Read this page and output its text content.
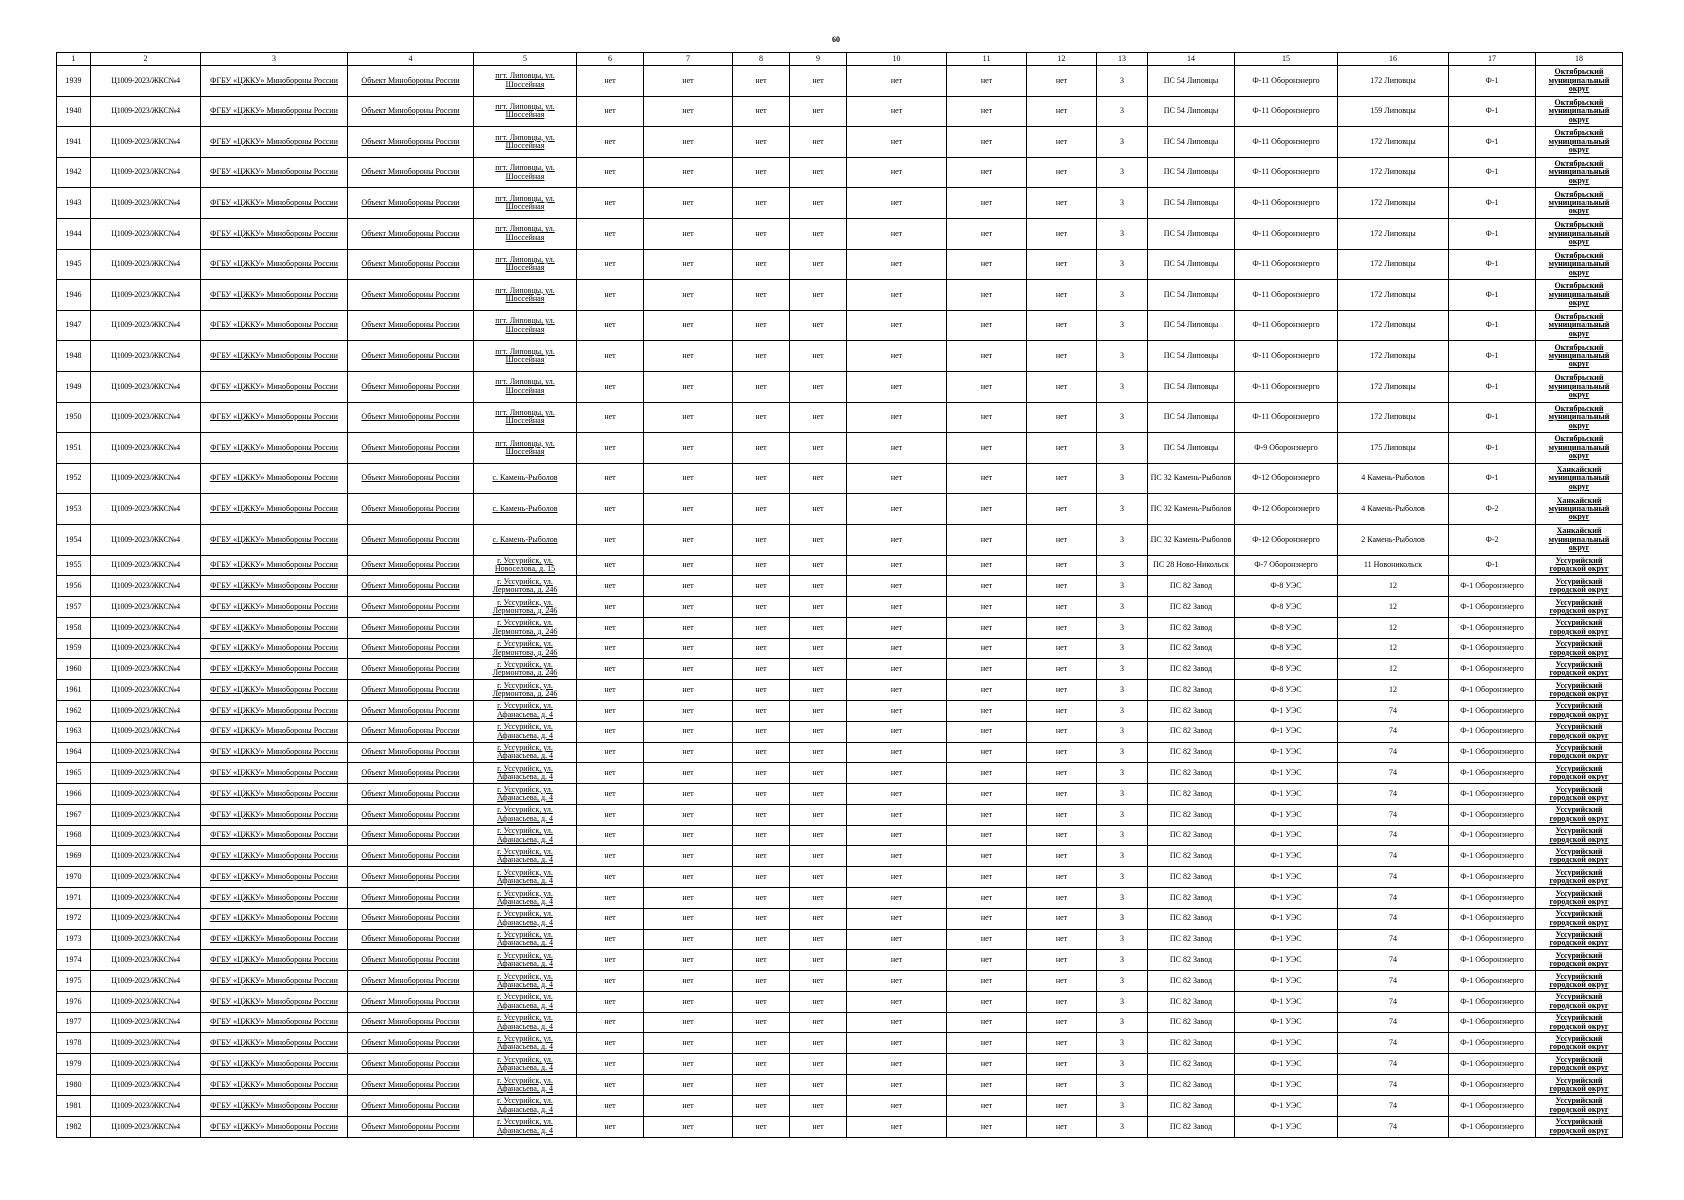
60
1	2	3	4	5	6	7	8	9	10	11	12	13	14	15	16	17	18
1939	Ц1009-2023/ЖКС№4	ФГБУ «ЦЖКУ» Минобороны России	Объект Минобороны России	пгт. Липовцы, ул. Шоссейная	нет	нет	нет	нет	нет	нет	нет	3	ПС 54 Липовцы	Ф-11 Оборонэнерго	172 Липовцы	Ф-1	Октябрьский муниципальный округ
1940	Ц1009-2023/ЖКС№4	ФГБУ «ЦЖКУ» Минобороны России	Объект Минобороны России	пгт. Липовцы, ул. Шоссейная	нет	нет	нет	нет	нет	нет	нет	3	ПС 54 Липовцы	Ф-11 Оборонэнерго	159 Липовцы	Ф-1	Октябрьский муниципальный округ
1941	Ц1009-2023/ЖКС№4	ФГБУ «ЦЖКУ» Минобороны России	Объект Минобороны России	пгт. Липовцы, ул. Шоссейная	нет	нет	нет	нет	нет	нет	нет	3	ПС 54 Липовцы	Ф-11 Оборонэнерго	172 Липовцы	Ф-1	Октябрьский муниципальный округ
1942	Ц1009-2023/ЖКС№4	ФГБУ «ЦЖКУ» Минобороны России	Объект Минобороны России	пгт. Липовцы, ул. Шоссейная	нет	нет	нет	нет	нет	нет	нет	3	ПС 54 Липовцы	Ф-11 Оборонэнерго	172 Липовцы	Ф-1	Октябрьский муниципальный округ
1943	Ц1009-2023/ЖКС№4	ФГБУ «ЦЖКУ» Минобороны России	Объект Минобороны России	пгт. Липовцы, ул. Шоссейная	нет	нет	нет	нет	нет	нет	нет	3	ПС 54 Липовцы	Ф-11 Оборонэнерго	172 Липовцы	Ф-1	Октябрьский муниципальный округ
1944	Ц1009-2023/ЖКС№4	ФГБУ «ЦЖКУ» Минобороны России	Объект Минобороны России	пгт. Липовцы, ул. Шоссейная	нет	нет	нет	нет	нет	нет	нет	3	ПС 54 Липовцы	Ф-11 Оборонэнерго	172 Липовцы	Ф-1	Октябрьский муниципальный округ
1945	Ц1009-2023/ЖКС№4	ФГБУ «ЦЖКУ» Минобороны России	Объект Минобороны России	пгт. Липовцы, ул. Шоссейная	нет	нет	нет	нет	нет	нет	нет	3	ПС 54 Липовцы	Ф-11 Оборонэнерго	172 Липовцы	Ф-1	Октябрьский муниципальный округ
1946	Ц1009-2023/ЖКС№4	ФГБУ «ЦЖКУ» Минобороны России	Объект Минобороны России	пгт. Липовцы, ул. Шоссейная	нет	нет	нет	нет	нет	нет	нет	3	ПС 54 Липовцы	Ф-11 Оборонэнерго	172 Липовцы	Ф-1	Октябрьский муниципальный округ
1947	Ц1009-2023/ЖКС№4	ФГБУ «ЦЖКУ» Минобороны России	Объект Минобороны России	пгт. Липовцы, ул. Шоссейная	нет	нет	нет	нет	нет	нет	нет	3	ПС 54 Липовцы	Ф-11 Оборонэнерго	172 Липовцы	Ф-1	Октябрьский муниципальный округ
1948	Ц1009-2023/ЖКС№4	ФГБУ «ЦЖКУ» Минобороны России	Объект Минобороны России	пгт. Липовцы, ул. Шоссейная	нет	нет	нет	нет	нет	нет	нет	3	ПС 54 Липовцы	Ф-11 Оборонэнерго	172 Липовцы	Ф-1	Октябрьский муниципальный округ
1949	Ц1009-2023/ЖКС№4	ФГБУ «ЦЖКУ» Минобороны России	Объект Минобороны России	пгт. Липовцы, ул. Шоссейная	нет	нет	нет	нет	нет	нет	нет	3	ПС 54 Липовцы	Ф-11 Оборонэнерго	172 Липовцы	Ф-1	Октябрьский муниципальный округ
1950	Ц1009-2023/ЖКС№4	ФГБУ «ЦЖКУ» Минобороны России	Объект Минобороны России	пгт. Липовцы, ул. Шоссейная	нет	нет	нет	нет	нет	нет	нет	3	ПС 54 Липовцы	Ф-11 Оборонэнерго	172 Липовцы	Ф-1	Октябрьский муниципальный округ
1951	Ц1009-2023/ЖКС№4	ФГБУ «ЦЖКУ» Минобороны России	Объект Минобороны России	пгт. Липовцы, ул. Шоссейная	нет	нет	нет	нет	нет	нет	нет	3	ПС 54 Липовцы	Ф-9 Оборонэнерго	175 Липовцы	Ф-1	Октябрьский муниципальный округ
1952	Ц1009-2023/ЖКС№4	ФГБУ «ЦЖКУ» Минобороны России	Объект Минобороны России	с. Камень-Рыболов	нет	нет	нет	нет	нет	нет	нет	3	ПС 32 Камень-Рыболов	Ф-12 Оборонэнерго	4 Камень-Рыболов	Ф-1	Ханкайский муниципальный округ
1953	Ц1009-2023/ЖКС№4	ФГБУ «ЦЖКУ» Минобороны России	Объект Минобороны России	с. Камень-Рыболов	нет	нет	нет	нет	нет	нет	нет	3	ПС 32 Камень-Рыболов	Ф-12 Оборонэнерго	4 Камень-Рыболов	Ф-2	Ханкайский муниципальный округ
1954	Ц1009-2023/ЖКС№4	ФГБУ «ЦЖКУ» Минобороны России	Объект Минобороны России	с. Камень-Рыболов	нет	нет	нет	нет	нет	нет	нет	3	ПС 32 Камень-Рыболов	Ф-12 Оборонэнерго	2 Камень-Рыболов	Ф-2	Ханкайский муниципальный округ
1955	Ц1009-2023/ЖКС№4	ФГБУ «ЦЖКУ» Минобороны России	Объект Минобороны России	г. Уссурийск, ул. Новоселова, д. 15	нет	нет	нет	нет	нет	нет	нет	3	ПС 28 Ново-Никольск	Ф-7 Оборонэнерго	11 Новоникольск	Ф-1	Уссурийский городской округ
1956	Ц1009-2023/ЖКС№4	ФГБУ «ЦЖКУ» Минобороны России	Объект Минобороны России	г. Уссурийск, ул. Лермонтова, д. 246	нет	нет	нет	нет	нет	нет	нет	3	ПС 82 Завод	Ф-8 УЭС	12	Ф-1 Оборонэнерго	Уссурийский городской округ
1957	Ц1009-2023/ЖКС№4	ФГБУ «ЦЖКУ» Минобороны России	Объект Минобороны России	г. Уссурийск, ул. Лермонтова, д. 246	нет	нет	нет	нет	нет	нет	нет	3	ПС 82 Завод	Ф-8 УЭС	12	Ф-1 Оборонэнерго	Уссурийский городской округ
1958	Ц1009-2023/ЖКС№4	ФГБУ «ЦЖКУ» Минобороны России	Объект Минобороны России	г. Уссурийск, ул. Лермонтова, д. 246	нет	нет	нет	нет	нет	нет	нет	3	ПС 82 Завод	Ф-8 УЭС	12	Ф-1 Оборонэнерго	Уссурийский городской округ
1959	Ц1009-2023/ЖКС№4	ФГБУ «ЦЖКУ» Минобороны России	Объект Минобороны России	г. Уссурийск, ул. Лермонтова, д. 246	нет	нет	нет	нет	нет	нет	нет	3	ПС 82 Завод	Ф-8 УЭС	12	Ф-1 Оборонэнерго	Уссурийский городской округ
1960	Ц1009-2023/ЖКС№4	ФГБУ «ЦЖКУ» Минобороны России	Объект Минобороны России	г. Уссурийск, ул. Лермонтова, д. 246	нет	нет	нет	нет	нет	нет	нет	3	ПС 82 Завод	Ф-8 УЭС	12	Ф-1 Оборонэнерго	Уссурийский городской округ
1961	Ц1009-2023/ЖКС№4	ФГБУ «ЦЖКУ» Минобороны России	Объект Минобороны России	г. Уссурийск, ул. Лермонтова, д. 246	нет	нет	нет	нет	нет	нет	нет	3	ПС 82 Завод	Ф-8 УЭС	12	Ф-1 Оборонэнерго	Уссурийский городской округ
1962	Ц1009-2023/ЖКС№4	ФГБУ «ЦЖКУ» Минобороны России	Объект Минобороны России	г. Уссурийск, ул. Афанасьева, д. 4	нет	нет	нет	нет	нет	нет	нет	3	ПС 82 Завод	Ф-1 УЭС	74	Ф-1 Оборонэнерго	Уссурийский городской округ
1963	Ц1009-2023/ЖКС№4	ФГБУ «ЦЖКУ» Минобороны России	Объект Минобороны России	г. Уссурийск, ул. Афанасьева, д. 4	нет	нет	нет	нет	нет	нет	нет	3	ПС 82 Завод	Ф-1 УЭС	74	Ф-1 Оборонэнерго	Уссурийский городской округ
1964	Ц1009-2023/ЖКС№4	ФГБУ «ЦЖКУ» Минобороны России	Объект Минобороны России	г. Уссурийск, ул. Афанасьева, д. 4	нет	нет	нет	нет	нет	нет	нет	3	ПС 82 Завод	Ф-1 УЭС	74	Ф-1 Оборонэнерго	Уссурийский городской округ
1965	Ц1009-2023/ЖКС№4	ФГБУ «ЦЖКУ» Минобороны России	Объект Минобороны России	г. Уссурийск, ул. Афанасьева, д. 4	нет	нет	нет	нет	нет	нет	нет	3	ПС 82 Завод	Ф-1 УЭС	74	Ф-1 Оборонэнерго	Уссурийский городской округ
1966	Ц1009-2023/ЖКС№4	ФГБУ «ЦЖКУ» Минобороны России	Объект Минобороны России	г. Уссурийск, ул. Афанасьева, д. 4	нет	нет	нет	нет	нет	нет	нет	3	ПС 82 Завод	Ф-1 УЭС	74	Ф-1 Оборонэнерго	Уссурийский городской округ
1967	Ц1009-2023/ЖКС№4	ФГБУ «ЦЖКУ» Минобороны России	Объект Минобороны России	г. Уссурийск, ул. Афанасьева, д. 4	нет	нет	нет	нет	нет	нет	нет	3	ПС 82 Завод	Ф-1 УЭС	74	Ф-1 Оборонэнерго	Уссурийский городской округ
1968	Ц1009-2023/ЖКС№4	ФГБУ «ЦЖКУ» Минобороны России	Объект Минобороны России	г. Уссурийск, ул. Афанасьева, д. 4	нет	нет	нет	нет	нет	нет	нет	3	ПС 82 Завод	Ф-1 УЭС	74	Ф-1 Оборонэнерго	Уссурийский городской округ
1969	Ц1009-2023/ЖКС№4	ФГБУ «ЦЖКУ» Минобороны России	Объект Минобороны России	г. Уссурийск, ул. Афанасьева, д. 4	нет	нет	нет	нет	нет	нет	нет	3	ПС 82 Завод	Ф-1 УЭС	74	Ф-1 Оборонэнерго	Уссурийский городской округ
1970	Ц1009-2023/ЖКС№4	ФГБУ «ЦЖКУ» Минобороны России	Объект Минобороны России	г. Уссурийск, ул. Афанасьева, д. 4	нет	нет	нет	нет	нет	нет	нет	3	ПС 82 Завод	Ф-1 УЭС	74	Ф-1 Оборонэнерго	Уссурийский городской округ
1971	Ц1009-2023/ЖКС№4	ФГБУ «ЦЖКУ» Минобороны России	Объект Минобороны России	г. Уссурийск, ул. Афанасьева, д. 4	нет	нет	нет	нет	нет	нет	нет	3	ПС 82 Завод	Ф-1 УЭС	74	Ф-1 Оборонэнерго	Уссурийский городской округ
1972	Ц1009-2023/ЖКС№4	ФГБУ «ЦЖКУ» Минобороны России	Объект Минобороны России	г. Уссурийск, ул. Афанасьева, д. 4	нет	нет	нет	нет	нет	нет	нет	3	ПС 82 Завод	Ф-1 УЭС	74	Ф-1 Оборонэнерго	Уссурийский городской округ
1973	Ц1009-2023/ЖКС№4	ФГБУ «ЦЖКУ» Минобороны России	Объект Минобороны России	г. Уссурийск, ул. Афанасьева, д. 4	нет	нет	нет	нет	нет	нет	нет	3	ПС 82 Завод	Ф-1 УЭС	74	Ф-1 Оборонэнерго	Уссурийский городской округ
1974	Ц1009-2023/ЖКС№4	ФГБУ «ЦЖКУ» Минобороны России	Объект Минобороны России	г. Уссурийск, ул. Афанасьева, д. 4	нет	нет	нет	нет	нет	нет	нет	3	ПС 82 Завод	Ф-1 УЭС	74	Ф-1 Оборонэнерго	Уссурийский городской округ
1975	Ц1009-2023/ЖКС№4	ФГБУ «ЦЖКУ» Минобороны России	Объект Минобороны России	г. Уссурийск, ул. Афанасьева, д. 4	нет	нет	нет	нет	нет	нет	нет	3	ПС 82 Завод	Ф-1 УЭС	74	Ф-1 Оборонэнерго	Уссурийский городской округ
1976	Ц1009-2023/ЖКС№4	ФГБУ «ЦЖКУ» Минобороны России	Объект Минобороны России	г. Уссурийск, ул. Афанасьева, д. 4	нет	нет	нет	нет	нет	нет	нет	3	ПС 82 Завод	Ф-1 УЭС	74	Ф-1 Оборонэнерго	Уссурийский городской округ
1977	Ц1009-2023/ЖКС№4	ФГБУ «ЦЖКУ» Минобороны России	Объект Минобороны России	г. Уссурийск, ул. Афанасьева, д. 4	нет	нет	нет	нет	нет	нет	нет	3	ПС 82 Завод	Ф-1 УЭС	74	Ф-1 Оборонэнерго	Уссурийский городской округ
1978	Ц1009-2023/ЖКС№4	ФГБУ «ЦЖКУ» Минобороны России	Объект Минобороны России	г. Уссурийск, ул. Афанасьева, д. 4	нет	нет	нет	нет	нет	нет	нет	3	ПС 82 Завод	Ф-1 УЭС	74	Ф-1 Оборонэнерго	Уссурийский городской округ
1979	Ц1009-2023/ЖКС№4	ФГБУ «ЦЖКУ» Минобороны России	Объект Минобороны России	г. Уссурийск, ул. Афанасьева, д. 4	нет	нет	нет	нет	нет	нет	нет	3	ПС 82 Завод	Ф-1 УЭС	74	Ф-1 Оборонэнерго	Уссурийский городской округ
1980	Ц1009-2023/ЖКС№4	ФГБУ «ЦЖКУ» Минобороны России	Объект Минобороны России	г. Уссурийск, ул. Афанасьева, д. 4	нет	нет	нет	нет	нет	нет	нет	3	ПС 82 Завод	Ф-1 УЭС	74	Ф-1 Оборонэнерго	Уссурийский городской округ
1981	Ц1009-2023/ЖКС№4	ФГБУ «ЦЖКУ» Минобороны России	Объект Минобороны России	г. Уссурийск, ул. Афанасьева, д. 4	нет	нет	нет	нет	нет	нет	нет	3	ПС 82 Завод	Ф-1 УЭС	74	Ф-1 Оборонэнерго	Уссурийский городской округ
1982	Ц1009-2023/ЖКС№4	ФГБУ «ЦЖКУ» Минобороны России	Объект Минобороны России	г. Уссурийск, ул. Афанасьева, д. 4	нет	нет	нет	нет	нет	нет	нет	3	ПС 82 Завод	Ф-1 УЭС	74	Ф-1 Оборонэнерго	Уссурийский городской округ
